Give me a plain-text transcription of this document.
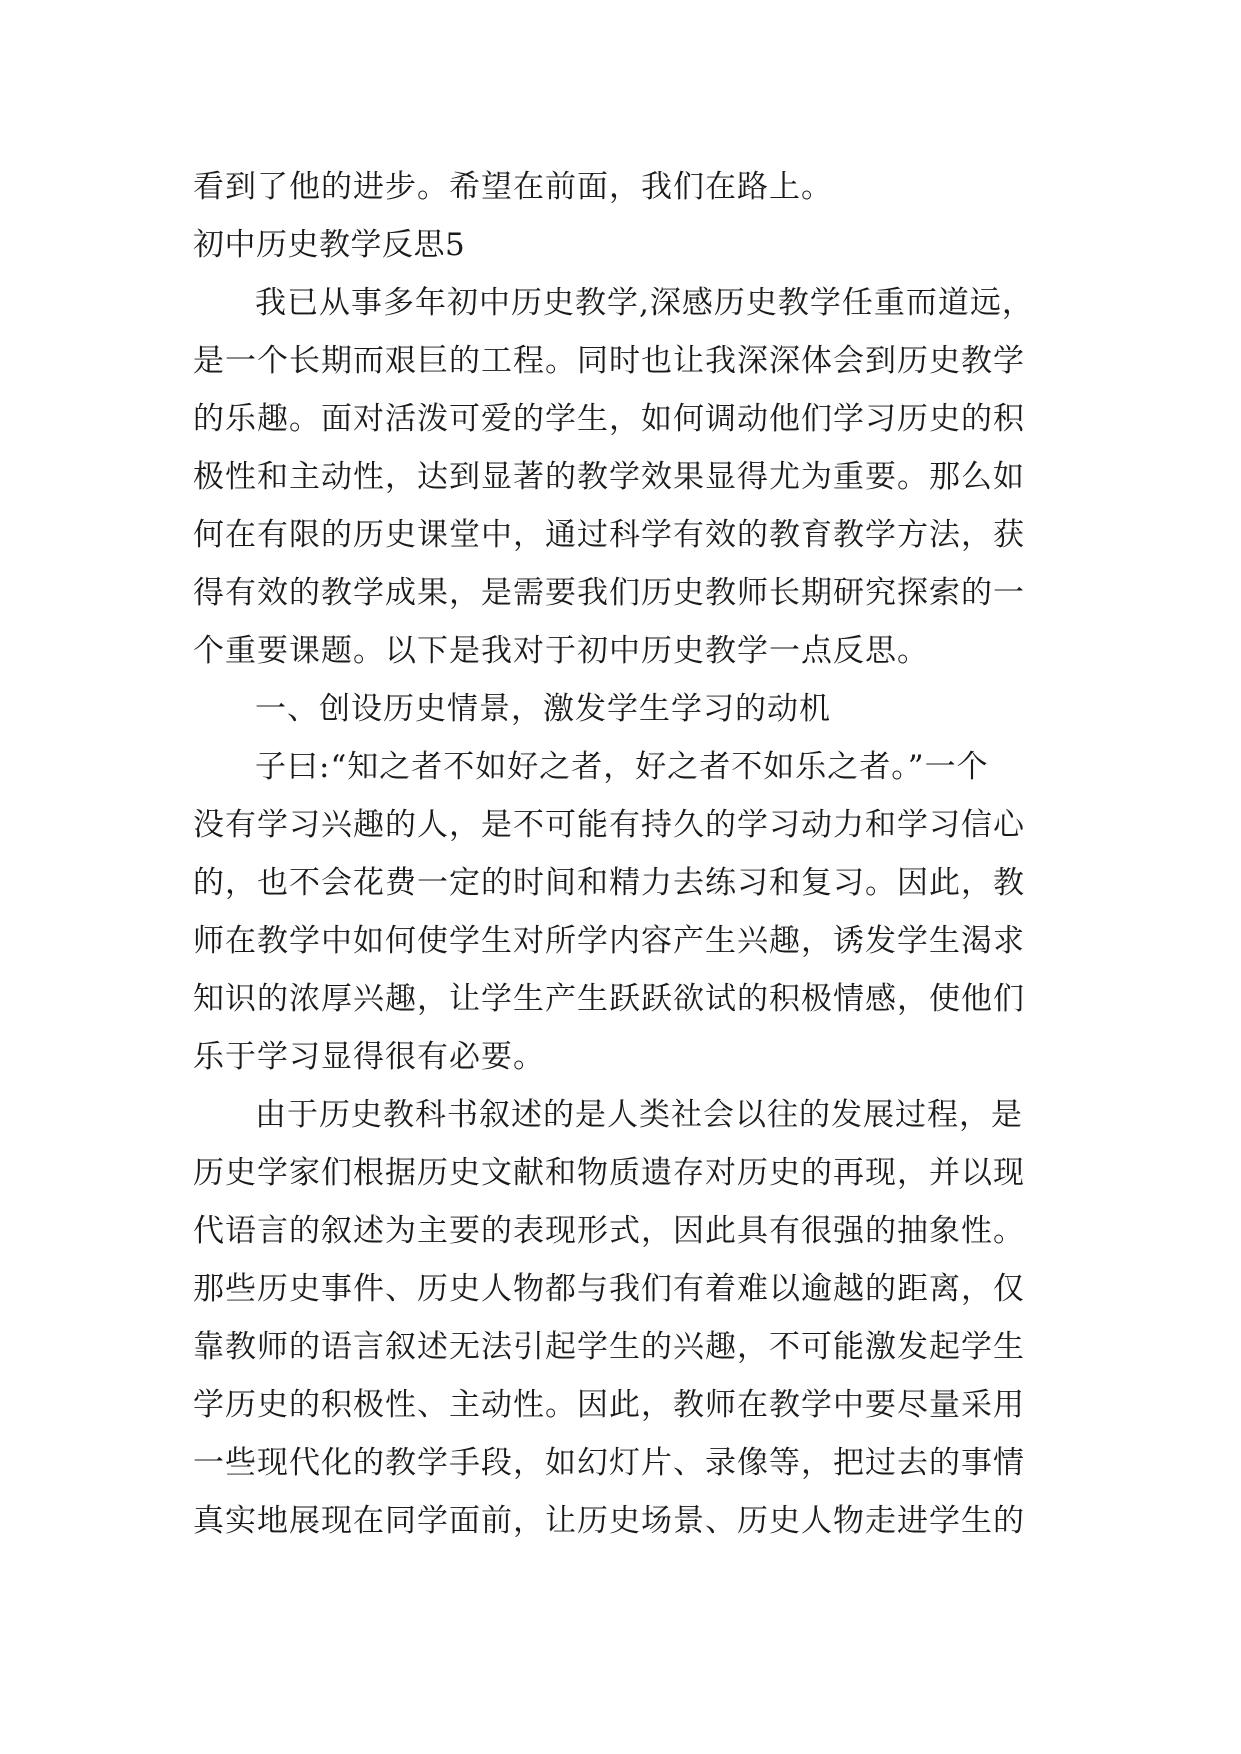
看到了他的进步。希望在前面，我们在路上。
初中历史教学反思5
我已从事多年初中历史教学,深感历史教学任重而道远，
是一个长期而艰巨的工程。同时也让我深深体会到历史教学
的乐趣。面对活泼可爱的学生，如何调动他们学习历史的积
极性和主动性，达到显著的教学效果显得尤为重要。那么如
何在有限的历史课堂中，通过科学有效的教育教学方法，获
得有效的教学成果，是需要我们历史教师长期研究探索的一
个重要课题。以下是我对于初中历史教学一点反思。
一、创设历史情景，激发学生学习的动机
子曰:“知之者不如好之者，好之者不如乐之者。”一个
没有学习兴趣的人，是不可能有持久的学习动力和学习信心
的，也不会花费一定的时间和精力去练习和复习。因此，教
师在教学中如何使学生对所学内容产生兴趣，诱发学生渴求
知识的浓厚兴趣，让学生产生跃跃欲试的积极情感，使他们
乐于学习显得很有必要。
由于历史教科书叙述的是人类社会以往的发展过程，是
历史学家们根据历史文献和物质遗存对历史的再现，并以现
代语言的叙述为主要的表现形式，因此具有很强的抽象性。
那些历史事件、历史人物都与我们有着难以逾越的距离，仅
靠教师的语言叙述无法引起学生的兴趣，不可能激发起学生
学历史的积极性、主动性。因此，教师在教学中要尽量采用
一些现代化的教学手段，如幻灯片、录像等，把过去的事情
真实地展现在同学面前，让历史场景、历史人物走进学生的
